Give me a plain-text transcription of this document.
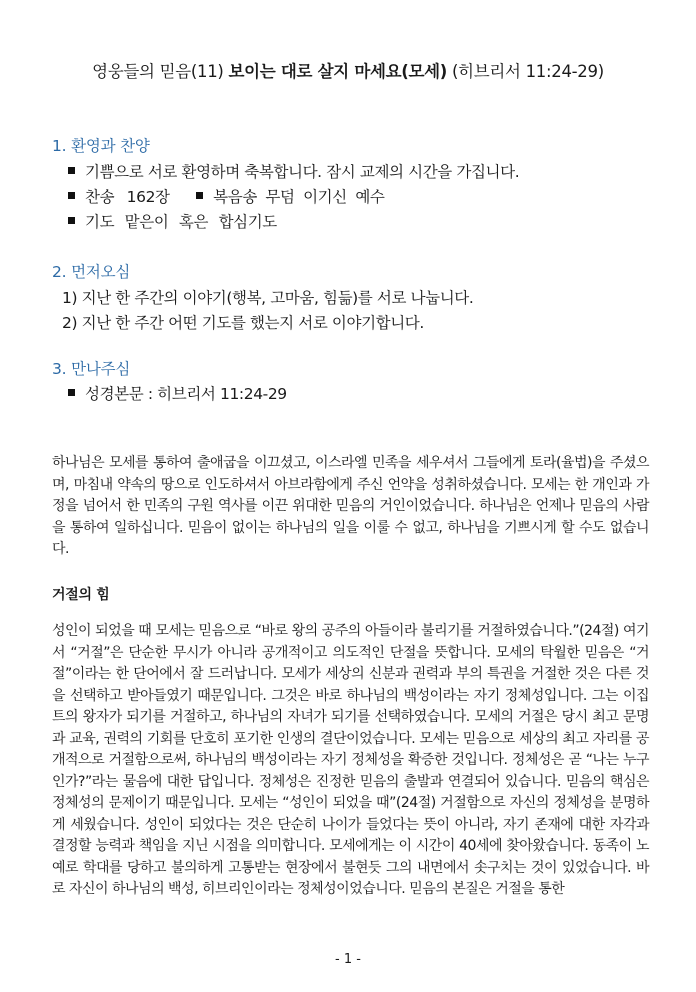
영웅들의 믿음(11) 보이는 대로 살지 마세요(모세) (히브리서 11:24-29)
1. 환영과 찬양
기쁨으로 서로 환영하며 축복합니다. 잠시 교제의 시간을 가집니다.
찬송 162장	복음송 무덤 이기신 예수
기도 맡은이 혹은 합심기도
2. 먼저오심
1) 지난 한 주간의 이야기(행복, 고마움, 힘듦)를 서로 나눕니다.
2) 지난 한 주간 어떤 기도를 했는지 서로 이야기합니다.
3. 만나주심
성경본문 : 히브리서 11:24-29

하나님은 모세를 통하여 출애굽을 이끄셨고, 이스라엘 민족을 세우셔서 그들에게 토라(율법)을 주셨으며, 마침내 약속의 땅으로 인도하셔서 아브라함에게 주신 언약을 성취하셨습니다. 모세는 한 개인과 가정을 넘어서 한 민족의 구원 역사를 이끈 위대한 믿음의 거인이었습니다. 하나님은 언제나 믿음의 사람을 통하여 일하십니다. 믿음이 없이는 하나님의 일을 이룰 수 없고, 하나님을 기쁘시게 할 수도 없습니다.

거절의 힘

성인이 되었을 때 모세는 믿음으로 “바로 왕의 공주의 아들이라 불리기를 거절하였습니다.”(24절) 여기서 “거절”은 단순한 무시가 아니라 공개적이고 의도적인 단절을 뜻합니다. 모세의 탁월한 믿음은 “거절”이라는 한 단어에서 잘 드러납니다. 모세가 세상의 신분과 권력과 부의 특권을 거절한 것은 다른 것을 선택하고 받아들였기 때문입니다. 그것은 바로 하나님의 백성이라는 자기 정체성입니다. 그는 이집트의 왕자가 되기를 거절하고, 하나님의 자녀가 되기를 선택하였습니다. 모세의 거절은 당시 최고 문명과 교육, 권력의 기회를 단호히 포기한 인생의 결단이었습니다. 모세는 믿음으로 세상의 최고 자리를 공개적으로 거절함으로써, 하나님의 백성이라는 자기 정체성을 확증한 것입니다. 정체성은 곧 “나는 누구인가?”라는 물음에 대한 답입니다. 정체성은 진정한 믿음의 출발과 연결되어 있습니다. 믿음의 핵심은 정체성의 문제이기 때문입니다. 모세는 “성인이 되었을 때”(24절) 거절함으로 자신의 정체성을 분명하게 세웠습니다. 성인이 되었다는 것은 단순히 나이가 들었다는 뜻이 아니라, 자기 존재에 대한 자각과 결정할 능력과 책임을 지닌 시점을 의미합니다. 모세에게는 이 시간이 40세에 찾아왔습니다. 동족이 노예로 학대를 당하고 불의하게 고통받는 현장에서 불현듯 그의 내면에서 솟구치는 것이 있었습니다. 바로 자신이 하나님의 백성, 히브리인이라는 정체성이었습니다. 믿음의 본질은 거절을 통한

- 1 -
